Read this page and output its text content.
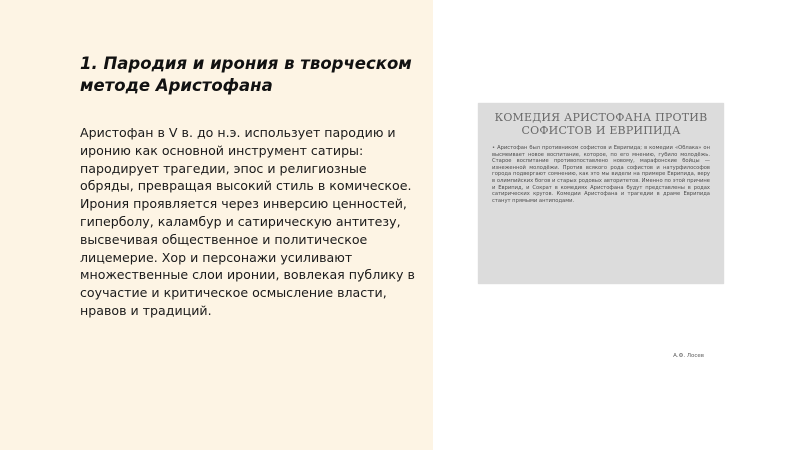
1. Пародия и ирония в творческом методе Аристофана

Аристофан в V в. до н.э. использует пародию и иронию как основной инструмент сатиры: пародирует трагедии, эпос и религиозные обряды, превращая высокий стиль в комическое. Ирония проявляется через инверсию ценностей, гиперболу, каламбур и сатирическую антитезу, высвечивая общественное и политическое лицемерие. Хор и персонажи усиливают множественные слои иронии, вовлекая публику в соучастие и критическое осмысление власти, нравов и традиций.

КОМЕДИЯ АРИСТОФАНА ПРОТИВ СОФИСТОВ И ЕВРИПИДА
• Аристофан был противником софистов и Еврипида; в комедии «Облака» он высмеивает новое воспитание, которое, по его мнению, губило молодёжь. Старое воспитание противопоставлено новому, марафонские бойцы — изнеженной молодёжи. Против всякого рода софистов и натурфилософов города подвергают сомнению, как это мы видели на примере Еврипида, веру в олимпийских богов и старых родовых авторитетов. Именно по этой причине и Еврипид, и Сократ в комедиях Аристофана будут представлены в родах сатирических кругов. Комедии Аристофана и трагедии в драме Еврипида станут прямыми антиподами.
А.Ф. Лосев
